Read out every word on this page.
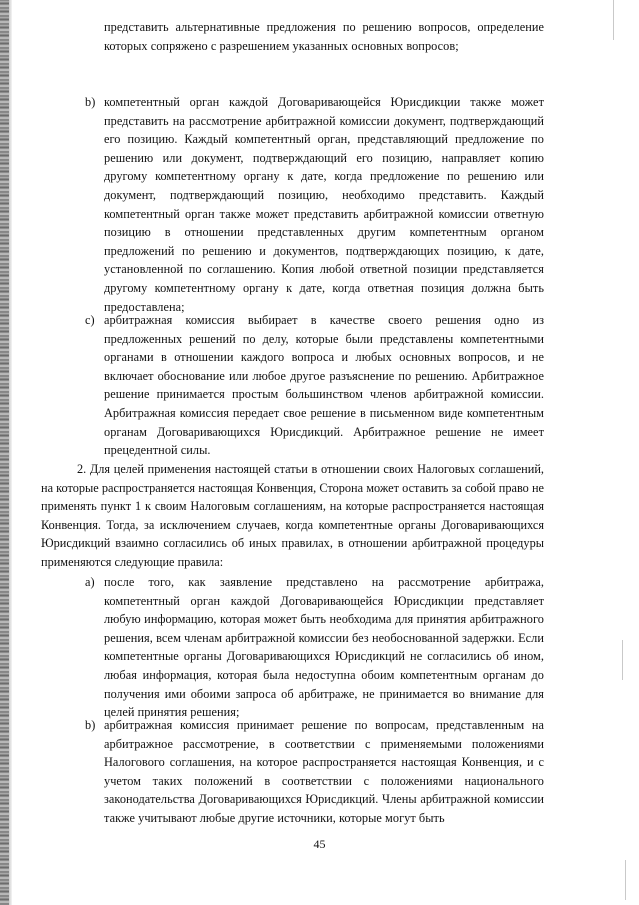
представить альтернативные предложения по решению вопросов, определение которых сопряжено с разрешением указанных основных вопросов;

b) компетентный орган каждой Договаривающейся Юрисдикции также может представить на рассмотрение арбитражной комиссии документ, подтверждающий его позицию. Каждый компетентный орган, представляющий предложение по решению или документ, подтверждающий его позицию, направляет копию другому компетентному органу к дате, когда предложение по решению или документ, подтверждающий позицию, необходимо представить. Каждый компетентный орган также может представить арбитражной комиссии ответную позицию в отношении представленных другим компетентным органом предложений по решению и документов, подтверждающих позицию, к дате, установленной по соглашению. Копия любой ответной позиции представляется другому компетентному органу к дате, когда ответная позиция должна быть предоставлена;

c) арбитражная комиссия выбирает в качестве своего решения одно из предложенных решений по делу, которые были представлены компетентными органами в отношении каждого вопроса и любых основных вопросов, и не включает обоснование или любое другое разъяснение по решению. Арбитражное решение принимается простым большинством членов арбитражной комиссии. Арбитражная комиссия передает свое решение в письменном виде компетентным органам Договаривающихся Юрисдикций. Арбитражное решение не имеет прецедентной силы.

2. Для целей применения настоящей статьи в отношении своих Налоговых соглашений, на которые распространяется настоящая Конвенция, Сторона может оставить за собой право не применять пункт 1 к своим Налоговым соглашениям, на которые распространяется настоящая Конвенция. Тогда, за исключением случаев, когда компетентные органы Договаривающихся Юрисдикций взаимно согласились об иных правилах, в отношении арбитражной процедуры применяются следующие правила:

a) после того, как заявление представлено на рассмотрение арбитража, компетентный орган каждой Договаривающейся Юрисдикции представляет любую информацию, которая может быть необходима для принятия арбитражного решения, всем членам арбитражной комиссии без необоснованной задержки. Если компетентные органы Договаривающихся Юрисдикций не согласились об ином, любая информация, которая была недоступна обоим компетентным органам до получения ими обоими запроса об арбитраже, не принимается во внимание для целей принятия решения;

b) арбитражная комиссия принимает решение по вопросам, представленным на арбитражное рассмотрение, в соответствии с применяемыми положениями Налогового соглашения, на которое распространяется настоящая Конвенция, и с учетом таких положений в соответствии с положениями национального законодательства Договаривающихся Юрисдикций. Члены арбитражной комиссии также учитывают любые другие источники, которые могут быть

45
